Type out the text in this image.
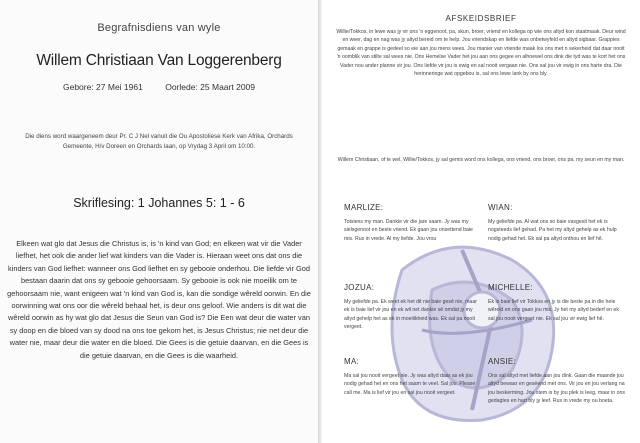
Begrafnisdiens van wyle
Willem Christiaan Van Loggerenberg
Gebore: 27 Mei 1961	Oorlede: 25 Maart 2009
Die diens word waargeneem deur Pr. C J Nel vanuit die Ou Apostoliese Kerk van Afrika, Orchards Gemeente, H/v Doreen en Orchards laan, op Vrydag 3 April om 10:00.
Skriflesing: 1 Johannes 5: 1 - 6
Elkeen wat glo dat Jesus die Christus is, is 'n kind van God; en elkeen wat vir die Vader liefhet, het ook die ander lief wat kinders van die Vader is. Hieraan weet ons dat ons die kinders van God liefhet: wanneer ons God liefhet en sy gebooie onderhou. Die liefde vir God bestaan daarin dat ons sy gebooie gehoorsaam. Sy gebooie is ook nie moeilik om te gehoorsaam nie, want enigeen wat 'n kind van God is, kan die sondige wêreld oorwin. En die oorwinning wat ons oor die wêreld behaal het, is deur ons geloof. Wie anders is dit wat die wêreld oorwin as hy wat glo dat Jesus die Seun van God is? Die Een wat deur die water van sy doop en die bloed van sy dood na ons toe gekom het, is Jesus Christus; nie net deur die water nie, maar deur die water en die bloed. Die Gees is die getuie daarvan, en die Gees is die getuie daarvan, en die Gees is die waarheid.
AFSKEIDSBRIEF
Willie/Tokkos, in lewe was jy vir ons 'n eggenoot, pa, skun, broer, vriend en kollega op wie ons altyd kon staatmaak. Deur wind en weer, dag en nag was jy altyd bereid om te help. Jou vriendskap en liefde was onbetwyfeld en altyd sigbaar. Grappies gemaak en grappe is gedeel so eie aan jou mens wees. Jou manier van vriende maak los ons met n sekerheid dat daar nooit 'n oomblik van stilte sal wees nie. Ons Hemelse Vader het jou aan ons gegee en alhoewel ons dink die tyd was te kort het ons Vader nou ander planne vir jou. Ons liefde vir jou is ewig en sal nooit vergaan nie. Ons sal jou vir ewig in ons harte dra. Die herinneringe wat opgebou is, sal ons lewe lank by ons bly.
Willem Christiaan, of te wel, Willie/Tokkos, jy sal gemis word ons kollega, ons vriend, ons broer, ons pa, my seun en my man.
MARLIZE:

Totsiens my man. Dankie vir die jare saam. Jy was my sielsgenoot en beste vriend. Ek gaan jou onsettend baie mis. Rus in vrede. Al my liefde. Jou vrou

WIAN:

My geliefde pa. Al wat ons so baie vasgesit het ek is nogsteeds lief gehad. Pa het my altyd gehelp as ek hulp nodig gehad het. Ek sal pa altyd onthou en lief hê.

JOZUA:

My geliefde pa. Ek weet ek het dit nie baie gesê nie, maar ek is baie lief vir jou en ek wil net dankie sê omdat jy my altyd gehelp het as ek in moeilikheid was. Ek sal pa nooit vergeet.

MICHELLE:

Ek is baie lief vir Tokkos en jy is die beste pa in die hele wêreld en ons gaan jou mis. Jy het my altyd bederf en ek sal jou nooit vergeet nie. Ek sal jou vir ewig lief hê.

MA:

Ma sal jou nooit vergeet nie. Jy was altyd daar as ek jou nodig gehad het en ons het saam te veel. Sal jou. Please call me. Ma is lief vir jou en sal jou nooit vergeet.

ANSIE:

Ons sal altyd met liefde aan jou dink. Gaan die maande jou altyd bewaar en gesëend met ons. Vir jou en jou verlang na jou beskerming. Jou stem is by jou plek is leeg, maar in ons gedagtes en hart bly jy leef. Rus in vrede my ou boeta.
